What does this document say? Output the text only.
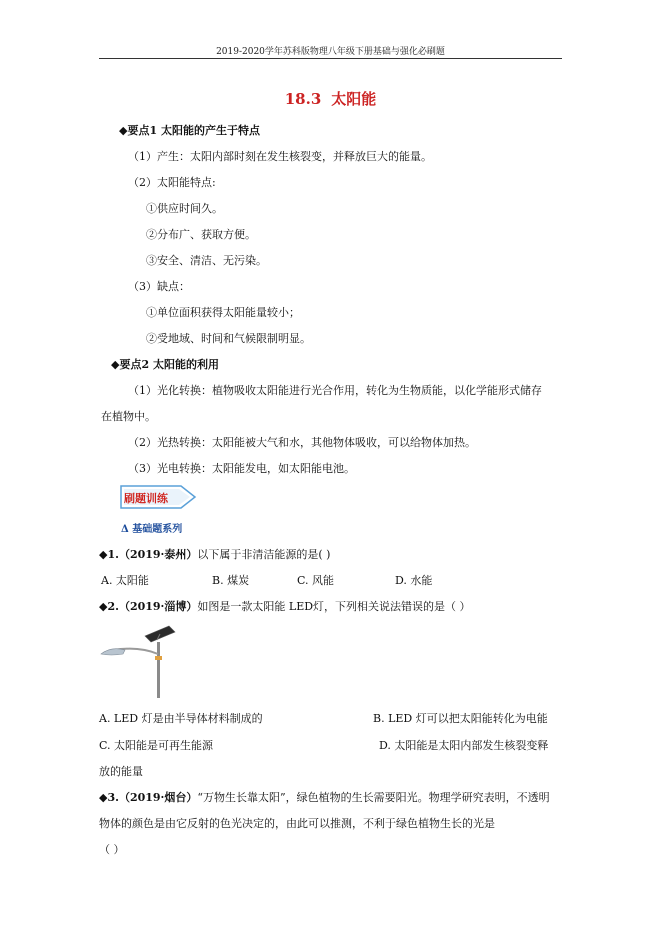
2019-2020学年苏科版物理八年级下册基础与强化必刷题
18.3 太阳能
◆要点1 太阳能的产生于特点
（1）产生：太阳内部时刻在发生核裂变，并释放巨大的能量。
（2）太阳能特点:
①供应时间久。
②分布广、获取方便。
③安全、清洁、无污染。
（3）缺点：
①单位面积获得太阳能量较小；
②受地域、时间和气候限制明显。
◆要点2 太阳能的利用
（1）光化转换：植物吸收太阳能进行光合作用，转化为生物质能，以化学能形式储存
在植物中。
（2）光热转换：太阳能被大气和水，其他物体吸收，可以给物体加热。
（3）光电转换：太阳能发电，如太阳能电池。
刷题训练
Δ 基础题系列
◆1.（2019·泰州）以下属于非清洁能源的是( )
A. 太阳能	B. 煤炭	C. 风能	D. 水能
◆2.（2019·淄博）如图是一款太阳能 LED灯，下列相关说法错误的是（ ）
A. LED 灯是由半导体材料制成的	B. LED 灯可以把太阳能转化为电能
C. 太阳能是可再生能源	D. 太阳能是太阳内部发生核裂变释
放的能量
◆3.（2019·烟台）“万物生长靠太阳”，绿色植物的生长需要阳光。物理学研究表明，不透明
物体的颜色是由它反射的色光决定的，由此可以推测，不利于绿色植物生长的光是
（ ）
